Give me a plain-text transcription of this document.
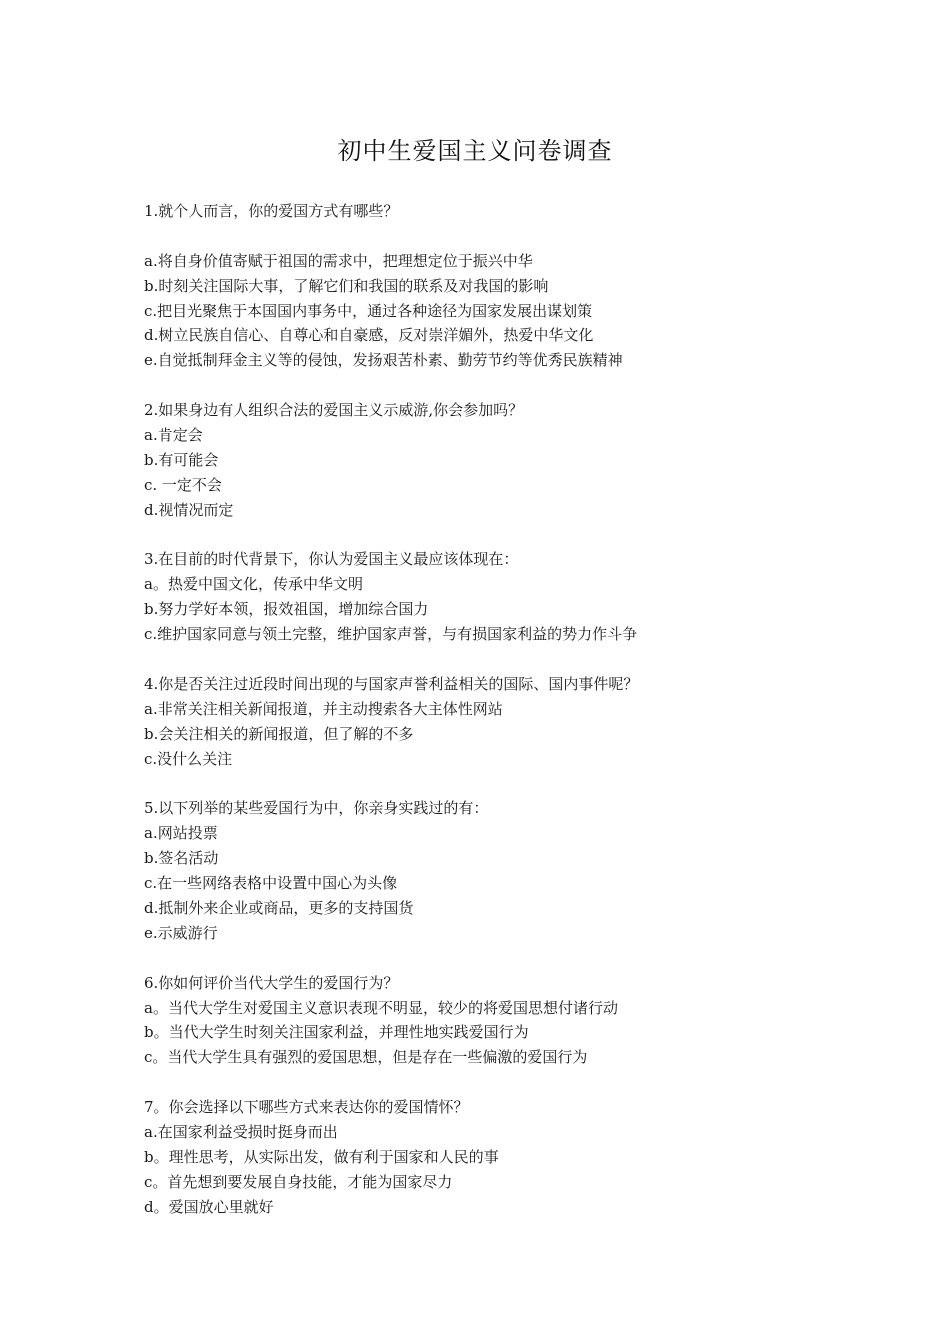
初中生爱国主义问卷调查
1.就个人而言，你的爱国方式有哪些？
a.将自身价值寄赋于祖国的需求中，把理想定位于振兴中华
b.时刻关注国际大事，了解它们和我国的联系及对我国的影响
c.把目光聚焦于本国国内事务中，通过各种途径为国家发展出谋划策
d.树立民族自信心、自尊心和自豪感，反对崇洋媚外，热爱中华文化
e.自觉抵制拜金主义等的侵蚀，发扬艰苦朴素、勤劳节约等优秀民族精神
2.如果身边有人组织合法的爱国主义示威游,你会参加吗？
a.肯定会
b.有可能会
c. 一定不会
d.视情况而定
3.在目前的时代背景下，你认为爱国主义最应该体现在：
a。热爱中国文化，传承中华文明
b.努力学好本领，报效祖国，增加综合国力
c.维护国家同意与领土完整，维护国家声誉，与有损国家利益的势力作斗争
4.你是否关注过近段时间出现的与国家声誉利益相关的国际、国内事件呢？
a.非常关注相关新闻报道，并主动搜索各大主体性网站
b.会关注相关的新闻报道，但了解的不多
c.没什么关注
5.以下列举的某些爱国行为中，你亲身实践过的有：
a.网站投票
b.签名活动
c.在一些网络表格中设置中国心为头像
d.抵制外来企业或商品，更多的支持国货
e.示威游行
6.你如何评价当代大学生的爱国行为？
a。当代大学生对爱国主义意识表现不明显，较少的将爱国思想付诸行动
b。当代大学生时刻关注国家利益，并理性地实践爱国行为
c。当代大学生具有强烈的爱国思想，但是存在一些偏激的爱国行为
7。你会选择以下哪些方式来表达你的爱国情怀？
a.在国家利益受损时挺身而出
b。理性思考，从实际出发，做有利于国家和人民的事
c。首先想到要发展自身技能，才能为国家尽力
d。爱国放心里就好
